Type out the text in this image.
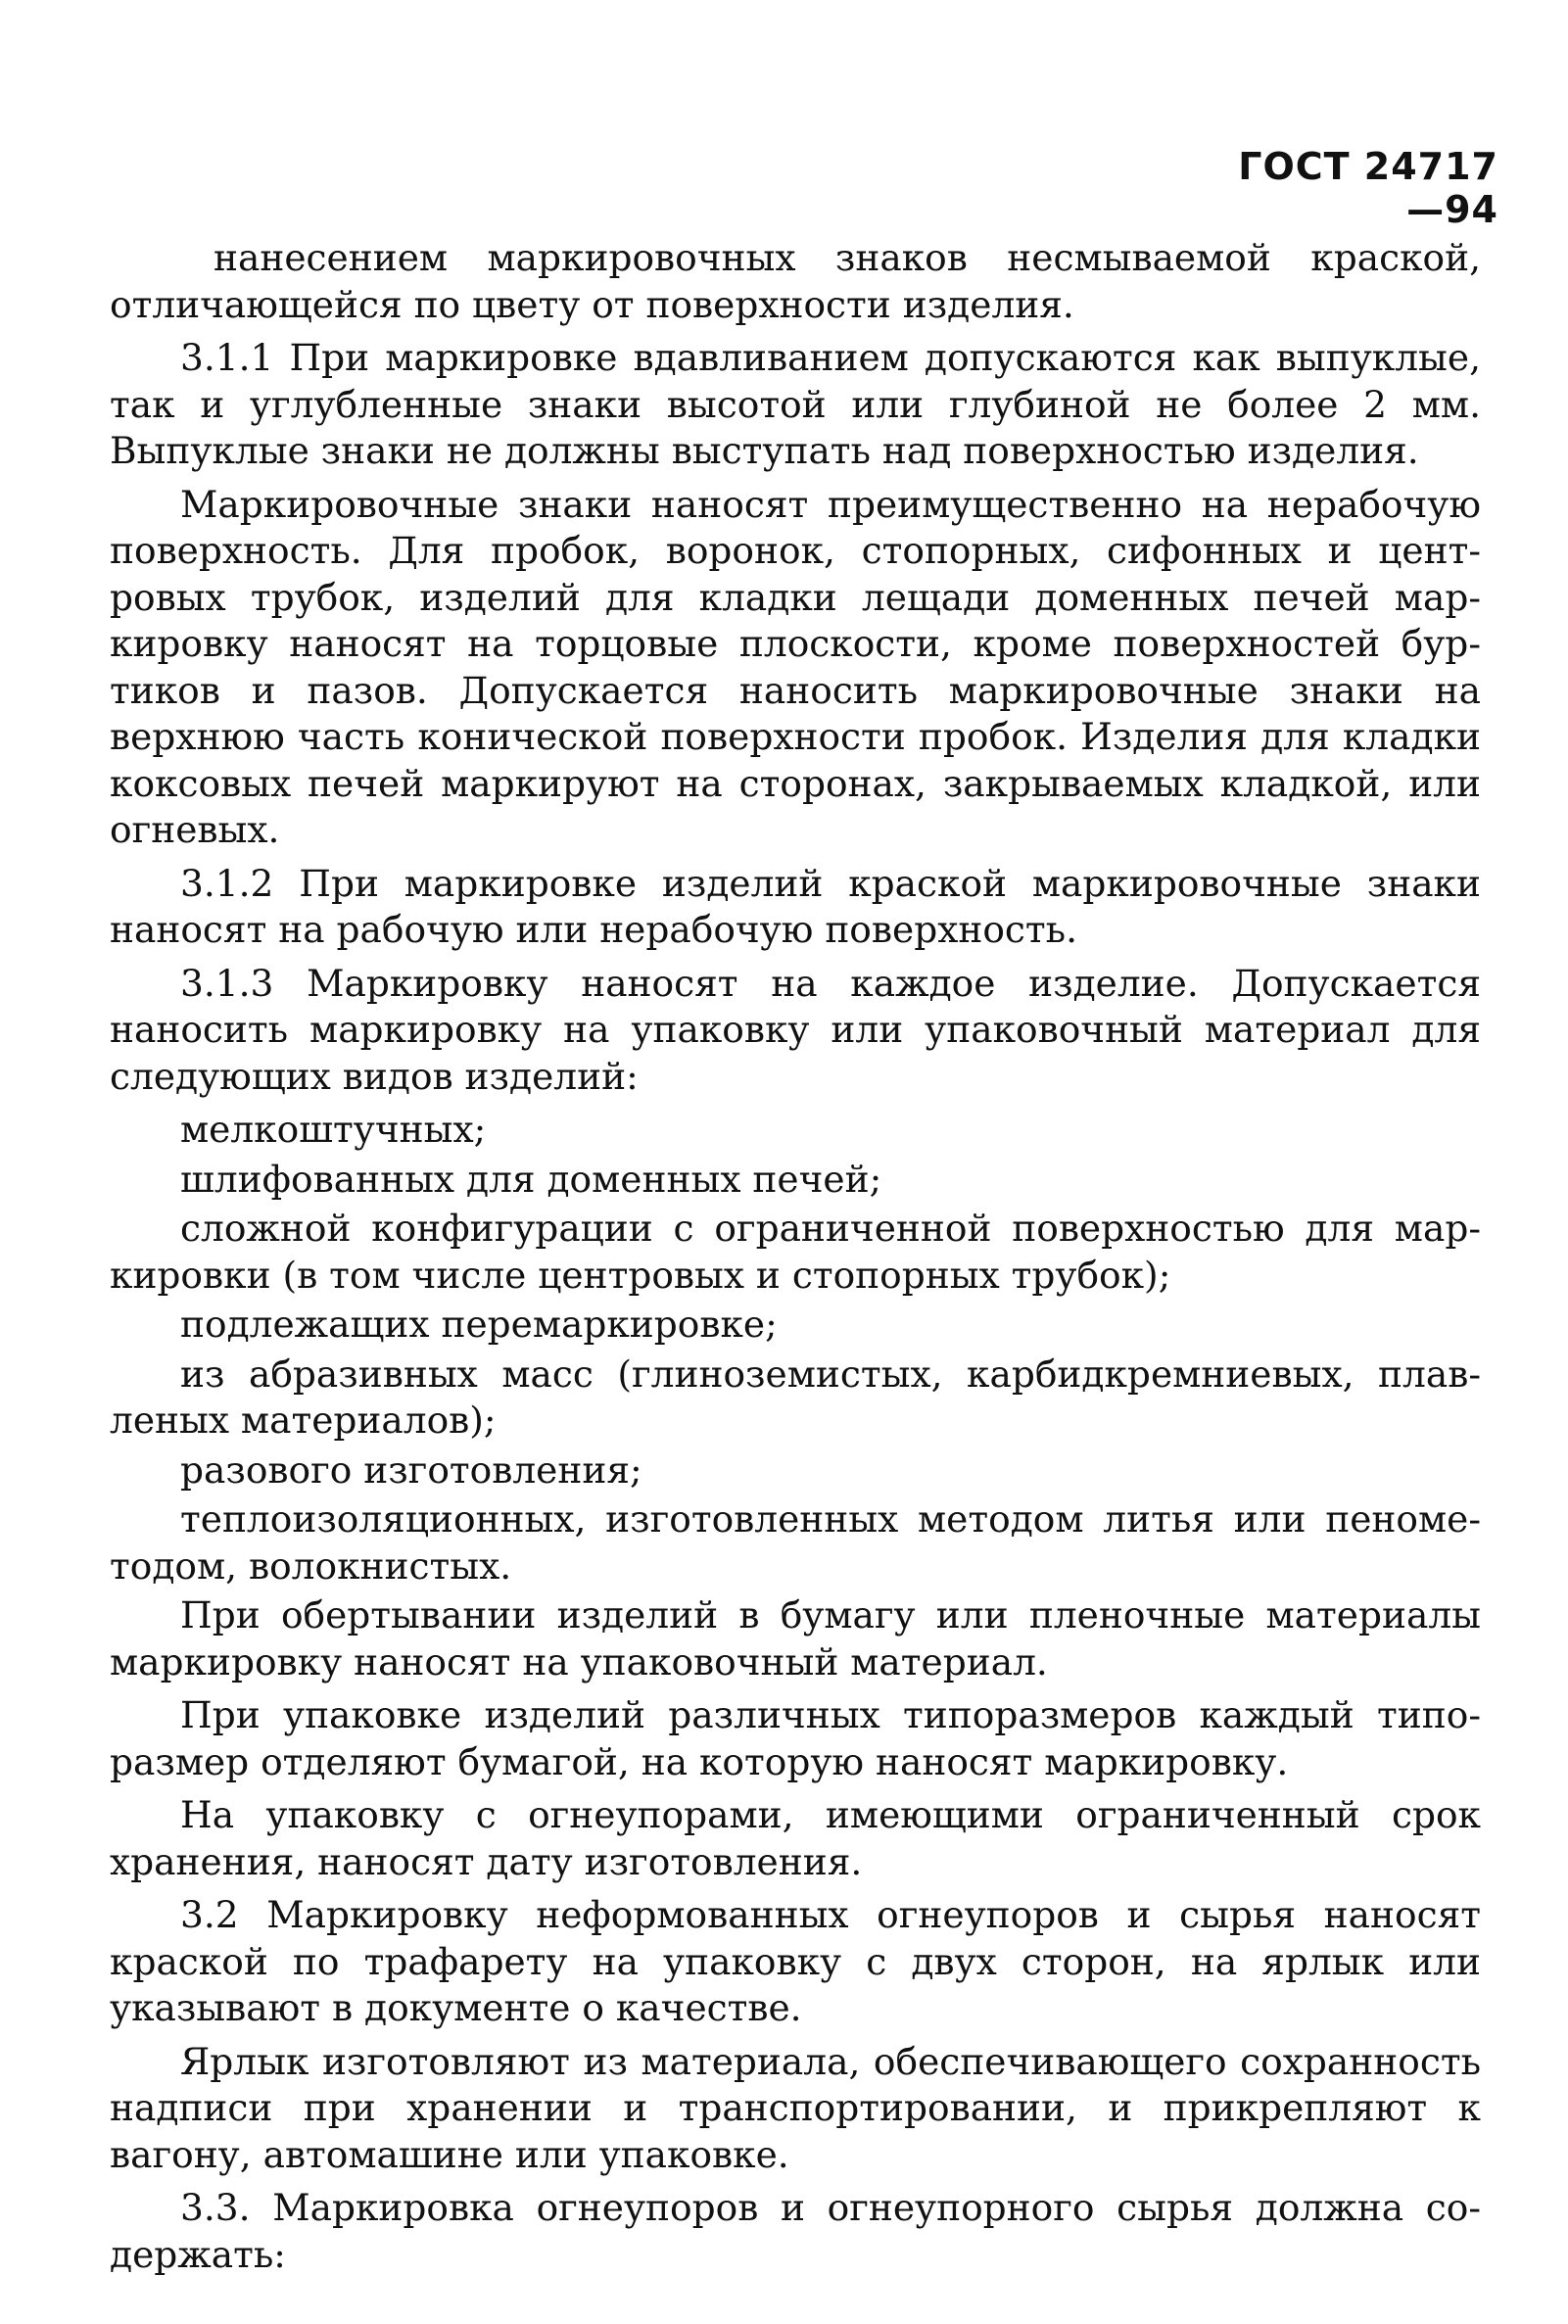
ГОСТ 24717—94

нанесением маркировочных знаков несмываемой краской, отличающейся по цвету от поверхности изделия.

3.1.1 При маркировке вдавливанием допускаются как выпуклые, так и углубленные знаки высотой или глубиной не более 2 мм. Выпуклые знаки не должны выступать над поверхностью изделия.

Маркировочные знаки наносят преимущественно на нерабочую поверхность. Для пробок, воронок, стопорных, сифонных и центровых трубок, изделий для кладки лещади доменных печей маркировку наносят на торцовые плоскости, кроме поверхностей буртиков и пазов. Допускается наносить маркировочные знаки на верхнюю часть конической поверхности пробок. Изделия для кладки коксовых печей маркируют на сторонах, закрываемых кладкой, или огневых.

3.1.2 При маркировке изделий краской маркировочные знаки наносят на рабочую или нерабочую поверхность.

3.1.3 Маркировку наносят на каждое изделие. Допускается наносить маркировку на упаковку или упаковочный материал для следующих видов изделий:

мелкоштучных;

шлифованных для доменных печей;

сложной конфигурации с ограниченной поверхностью для маркировки (в том числе центровых и стопорных трубок);

подлежащих перемаркировке;

из абразивных масс (глиноземистых, карбидкремниевых, плавленых материалов);

разового изготовления;

теплоизоляционных, изготовленных методом литья или пенометодом, волокнистых.

При обертывании изделий в бумагу или пленочные материалы маркировку наносят на упаковочный материал.

При упаковке изделий различных типоразмеров каждый типоразмер отделяют бумагой, на которую наносят маркировку.

На упаковку с огнеупорами, имеющими ограниченный срок хранения, наносят дату изготовления.

3.2 Маркировку неформованных огнеупоров и сырья наносят краской по трафарету на упаковку с двух сторон, на ярлык или указывают в документе о качестве.

Ярлык изготовляют из материала, обеспечивающего сохранность надписи при хранении и транспортировании, и прикрепляют к вагону, автомашине или упаковке.

3.3. Маркировка огнеупоров и огнеупорного сырья должна содержать:
